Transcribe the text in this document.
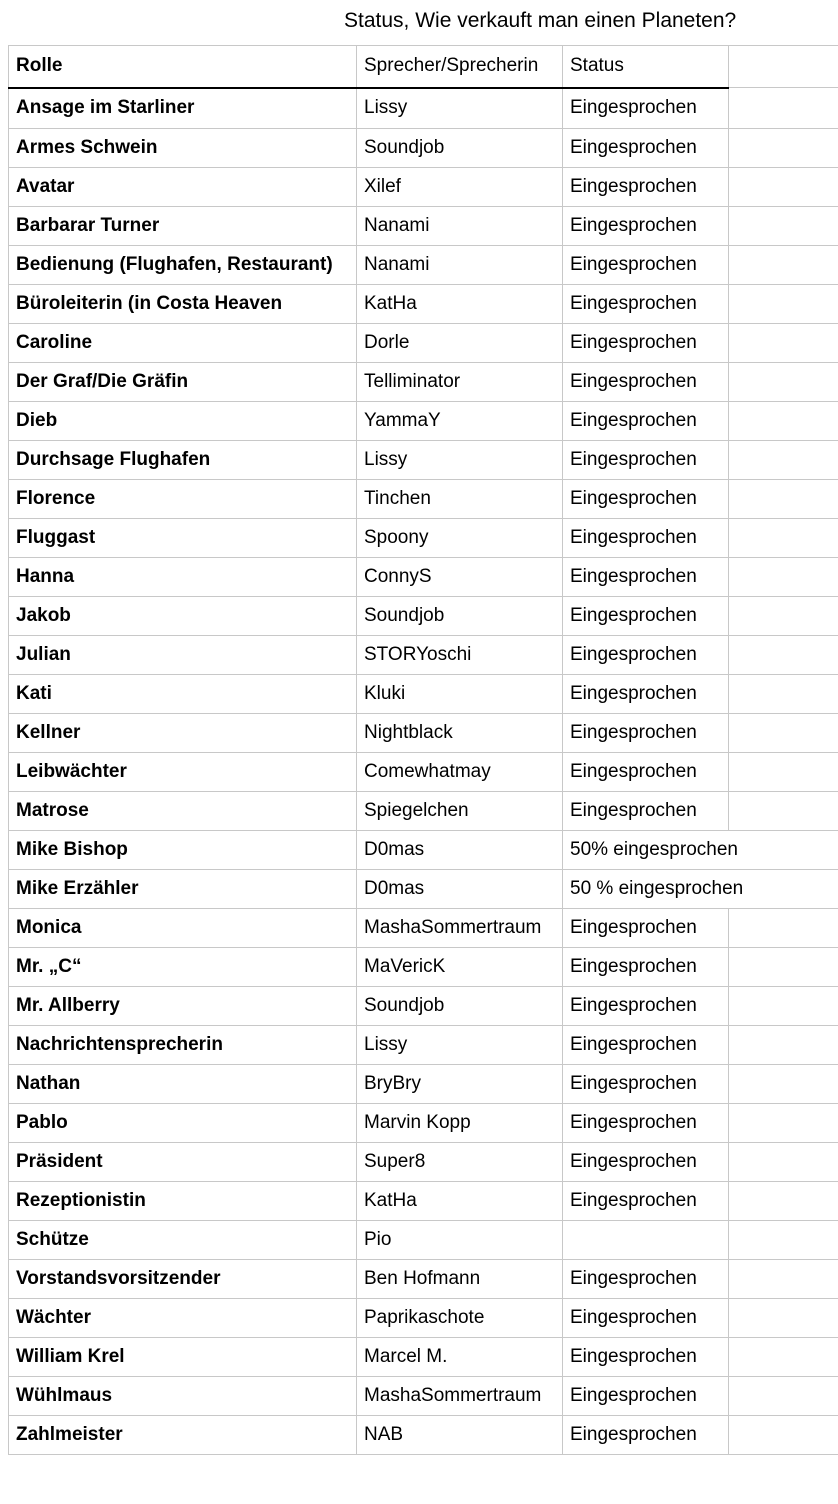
Status, Wie verkauft man einen Planeten?
Rolle	Sprecher/Sprecherin	Status	
Ansage im Starliner	Lissy	Eingesprochen	
Armes Schwein	Soundjob	Eingesprochen	
Avatar	Xilef	Eingesprochen	
Barbarar Turner	Nanami	Eingesprochen	
Bedienung (Flughafen, Restaurant)	Nanami	Eingesprochen	
Büroleiterin (in Costa Heaven	KatHa	Eingesprochen	
Caroline	Dorle	Eingesprochen	
Der Graf/Die Gräfin	Telliminator	Eingesprochen	
Dieb	YammaY	Eingesprochen	
Durchsage Flughafen	Lissy	Eingesprochen	
Florence	Tinchen	Eingesprochen	
Fluggast	Spoony	Eingesprochen	
Hanna	ConnyS	Eingesprochen	
Jakob	Soundjob	Eingesprochen	
Julian	STORYoschi	Eingesprochen	
Kati	Kluki	Eingesprochen	
Kellner	Nightblack	Eingesprochen	
Leibwächter	Comewhatmay	Eingesprochen	
Matrose	Spiegelchen	Eingesprochen	
Mike Bishop	D0mas	50% eingesprochen	
Mike Erzähler	D0mas	50 % eingesprochen	
Monica	MashaSommertraum	Eingesprochen	
Mr. „C“	MaVericK	Eingesprochen	
Mr. Allberry	Soundjob	Eingesprochen	
Nachrichtensprecherin	Lissy	Eingesprochen	
Nathan	BryBry	Eingesprochen	
Pablo	Marvin Kopp	Eingesprochen	
Präsident	Super8	Eingesprochen	
Rezeptionistin	KatHa	Eingesprochen	
Schütze	Pio		
Vorstandsvorsitzender	Ben Hofmann	Eingesprochen	
Wächter	Paprikaschote	Eingesprochen	
William Krel	Marcel M.	Eingesprochen	
Wühlmaus	MashaSommertraum	Eingesprochen	
Zahlmeister	NAB	Eingesprochen	
